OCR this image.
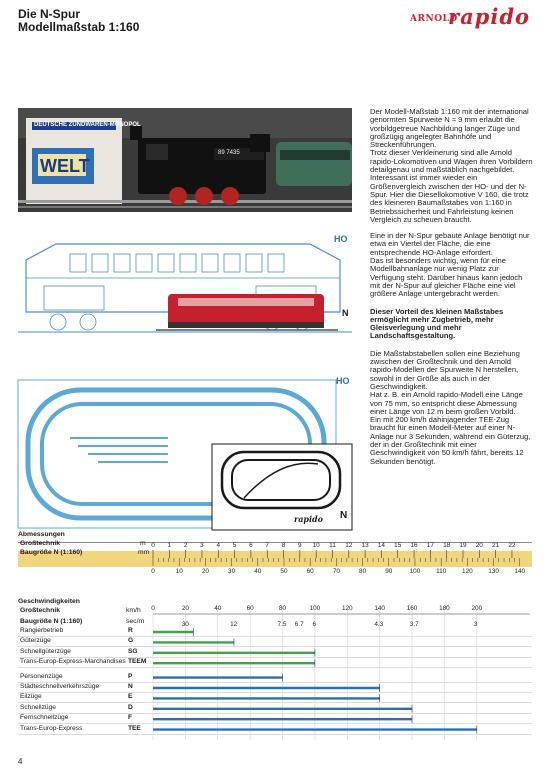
Die N-Spur
Modellmaßstab 1:160
ARNOLD
rapido
DEUTSCHE ZÜNDWAREN-MONOPOL
WELT
89 7435
HO
N
HO
rapido N
Der Modell-Maßstab 1:160 mit der international genormten Spurweite N ≈ 9 mm erlaubt die vorbildgetreue Nachbildung langer Züge und großzügig angelegter Bahnhöfe und Streckenführungen.
Trotz dieser Verkleinerung sind alle Arnold rapido-Lokomotiven und Wagen ihren Vorbildern detailgenau und maßstäblich nachgebildet.
Interessant ist immer wieder ein Größenvergleich zwischen der HO- und der N-Spur. Hier die Diesellokomotive V 160, die trotz des kleineren Baumaßstabes von 1:160 in Betriebssicherheit und Fahrleistung keinen Vergleich zu scheuen braucht.
Eine in der N-Spur gebaute Anlage benötigt nur etwa ein Viertel der Fläche, die eine entsprechende HO-Anlage erfordert.
Das ist besonders wichtig, wenn für eine Modellbahnanlage nur wenig Platz zur Verfügung steht. Darüber hinaus kann jedoch mit der N-Spur auf gleicher Fläche eine viel größere Anlage untergebracht werden.
Dieser Vorteil des kleinen Maßstabes ermöglicht mehr Zugbetrieb, mehr Gleisverlegung und mehr Landschaftsgestaltung.
Die Maßstabstabellen sollen eine Beziehung zwischen der Großtechnik und den Arnold rapido-Modellen der Spurweite N herstellen, sowohl in der Größe als auch in der Geschwindigkeit.
Hat z. B. ein Arnold rapido-Modell eine Länge von 75 mm, so entspricht diese Abmessung einer Länge von 12 m beim großen Vorbild.
Ein mit 200 km/h dahinjagender TEE-Zug braucht für einen Modell-Meter auf einer N-Anlage nur 3 Sekunden, während ein Güterzug, der in der Großtechnik mit einer Geschwindigkeit von 50 km/h fährt, bereits 12 Sekunden benötigt.
Abmessungen
Großtechnik	m
Baugröße N (1:160)	mm
0 1 2 3 4 5 6 7 8 9 10 11 12 13 14 15 16 17 18 19 20 21 22
0	10	20	30	40	50	60	70	80	90	100 110 120 130 140
Geschwindigkeiten
Großtechnik	km/h
Baugröße N (1:160)	sec/m
0	20	40	60	80	100	120	140	160	180	200
30	12	7.5 6.7 6	4.3	3.7	3
4
Rangierbetrieb	R
Güterzüge	G
Schnellgüterzüge	SG
Trans-Europ-Express-Marchandises TEEM
Personenzüge	P
Städteschnellverkehrszüge	N
Eilzüge	E
Schnellzüge	D
Fernschnellzüge	F
Trans-Europ-Express	TEE
